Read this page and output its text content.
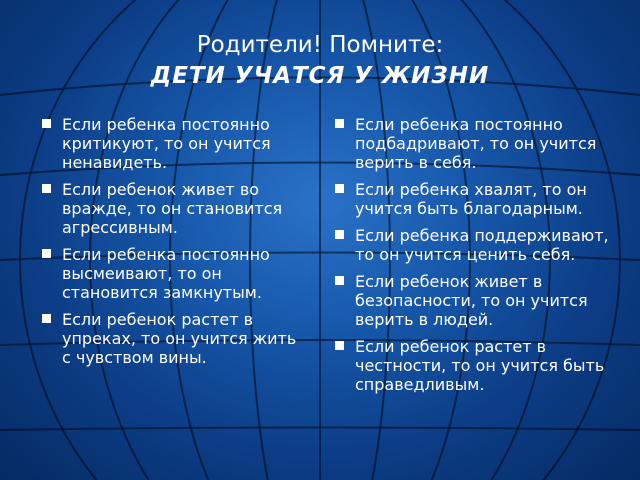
Родители! Помните:
ДЕТИ УЧАТСЯ У ЖИЗНИ
Если ребенка постоянно критикуют, то он учится ненавидеть.
Если ребенок живет во вражде, то он становится агрессивным.
Если ребенка постоянно высмеивают, то он становится замкнутым.
Если ребенок растет в упреках, то он учится жить с чувством вины.
Если ребенка постоянно подбадривают, то он учится верить в себя.
Если ребенка хвалят, то он учится быть благодарным.
Если ребенка поддерживают, то он учится ценить себя.
Если ребенок живет в безопасности, то он учится верить в людей.
Если ребенок растет в честности, то он учится быть справедливым.
